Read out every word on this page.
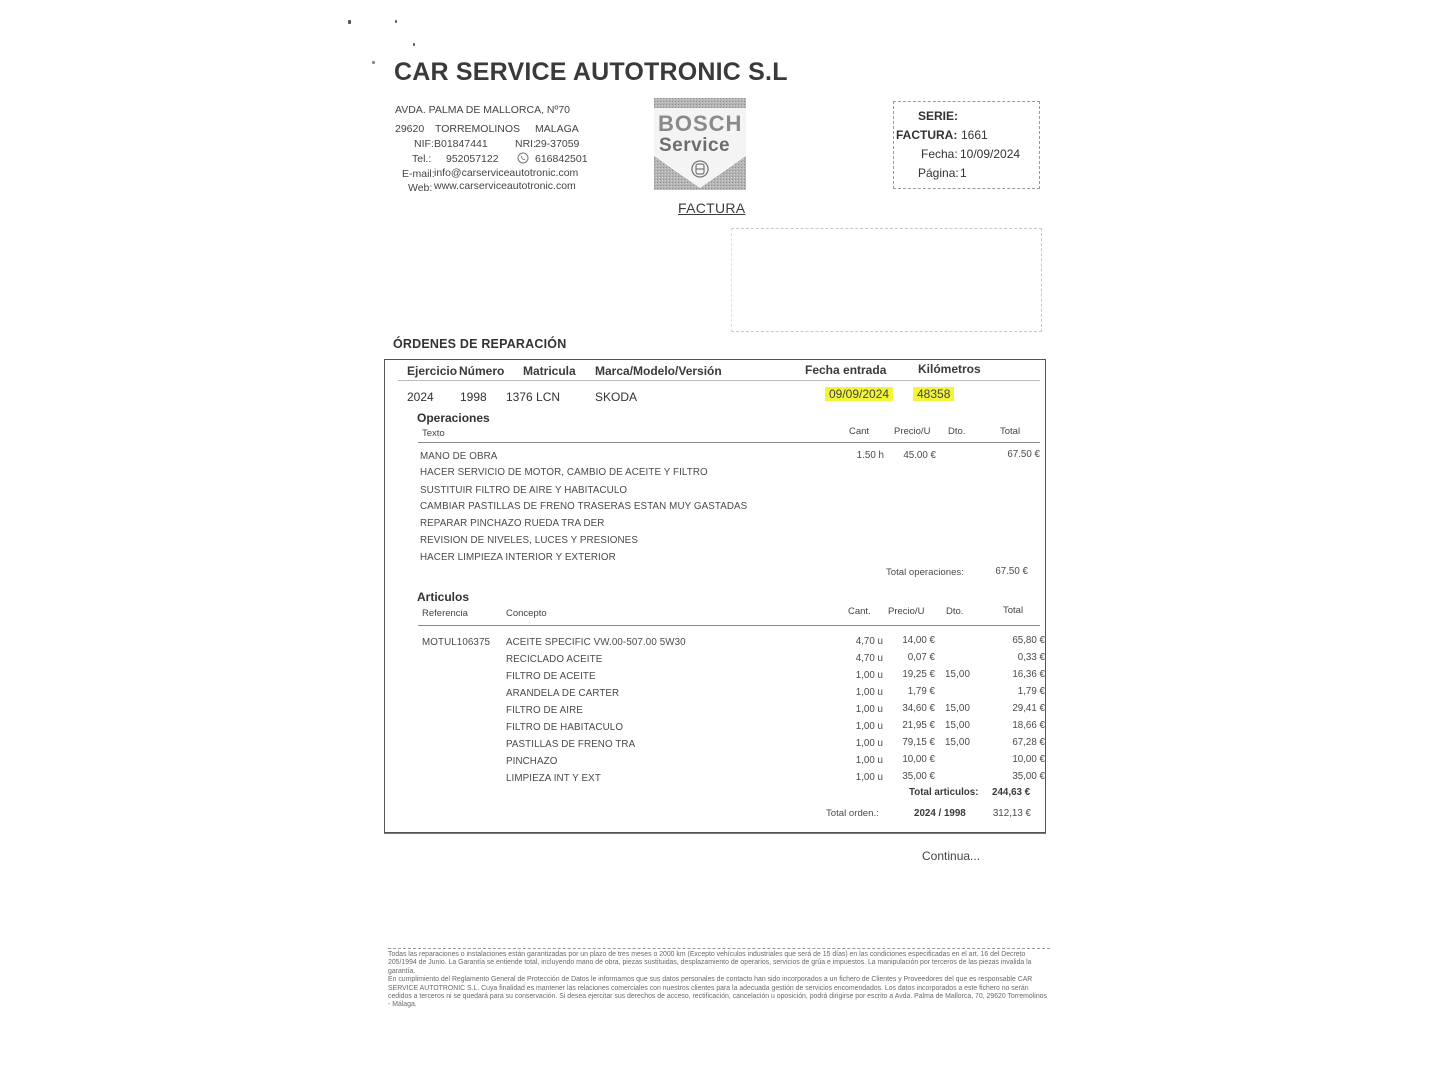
CAR SERVICE AUTOTRONIC S.L
AVDA. PALMA DE MALLORCA, Nº70
29620 TORREMOLINOS MALAGA
NIF: B01847441	NRI: 29-37059
Tel.: 952057122	616842501
E-mail: info@carserviceautotronic.com
Web: www.carserviceautotronic.com
BOSCH
Service
FACTURA
SERIE:
FACTURA: 1661
Fecha: 10/09/2024
Página: 1
ÓRDENES DE REPARACIÓN
Ejercicio Número Matricula Marca/Modelo/Versión	Fecha entrada	Kilómetros
2024 1998 1376 LCN	SKODA	09/09/2024	48358
Operaciones
Texto	Cant	Precio/U Dto.	Total
MANO DE OBRA	1.50 h	45.00 €	67.50 €
HACER SERVICIO DE MOTOR, CAMBIO DE ACEITE Y FILTRO
SUSTITUIR FILTRO DE AIRE Y HABITACULO
CAMBIAR PASTILLAS DE FRENO TRASERAS ESTAN MUY GASTADAS
REPARAR PINCHAZO RUEDA TRA DER
REVISION DE NIVELES, LUCES Y PRESIONES
HACER LIMPIEZA INTERIOR Y EXTERIOR
Total operaciones:	67.50 €
Articulos
Referencia	Concepto	Cant. Precio/U Dto.	Total
MOTUL106375 ACEITE SPECIFIC VW.00-507.00 5W30	4,70 u	14,00 €	65,80 €
RECICLADO ACEITE	4,70 u	0,07 €	0,33 €
FILTRO DE ACEITE	1,00 u	19,25 € 15,00	16,36 €
ARANDELA DE CARTER	1,00 u	1,79 €	1,79 €
FILTRO DE AIRE	1,00 u	34,60 € 15,00	29,41 €
FILTRO DE HABITACULO	1,00 u	21,95 € 15,00	18,66 €
PASTILLAS DE FRENO TRA	1,00 u	79,15 € 15,00	67,28 €
PINCHAZO	1,00 u	10,00 €	10,00 €
LIMPIEZA INT Y EXT	1,00 u	35,00 €	35,00 €
Total articulos: 244,63 €
Total orden.:	2024 / 1998	312,13 €
Continua...
Todas las reparaciones o instalaciones están garantizadas por un plazo de tres meses o 2000 km (Excepto vehículos industriales que será de 15 días) en las condiciones especificadas en el art. 16 del Decreto 205/1994 de Junio. La Garantía se entiende total, incluyendo mano de obra, piezas sustituidas, desplazamiento de operarios, servicios de grúa e impuestos. La manipulación por terceros de las piezas invalida la garantía.
En cumplimiento del Reglamento General de Protección de Datos le informamos que sus datos personales de contacto han sido incorporados a un fichero de Clientes y Proveedores del que es responsable CAR SERVICE AUTOTRONIC S.L. Cuya finalidad es mantener las relaciones comerciales con nuestros clientes para la adecuada gestión de servicios encomendados. Los datos incorporados a este fichero no serán cedidos a terceros ni se quedará para su conservación. Si desea ejercitar sus derechos de acceso, rectificación, cancelación u oposición, podrá dirigirse por escrito a Avda. Palma de Mallorca, 70, 29620 Torremolinos - Málaga.
